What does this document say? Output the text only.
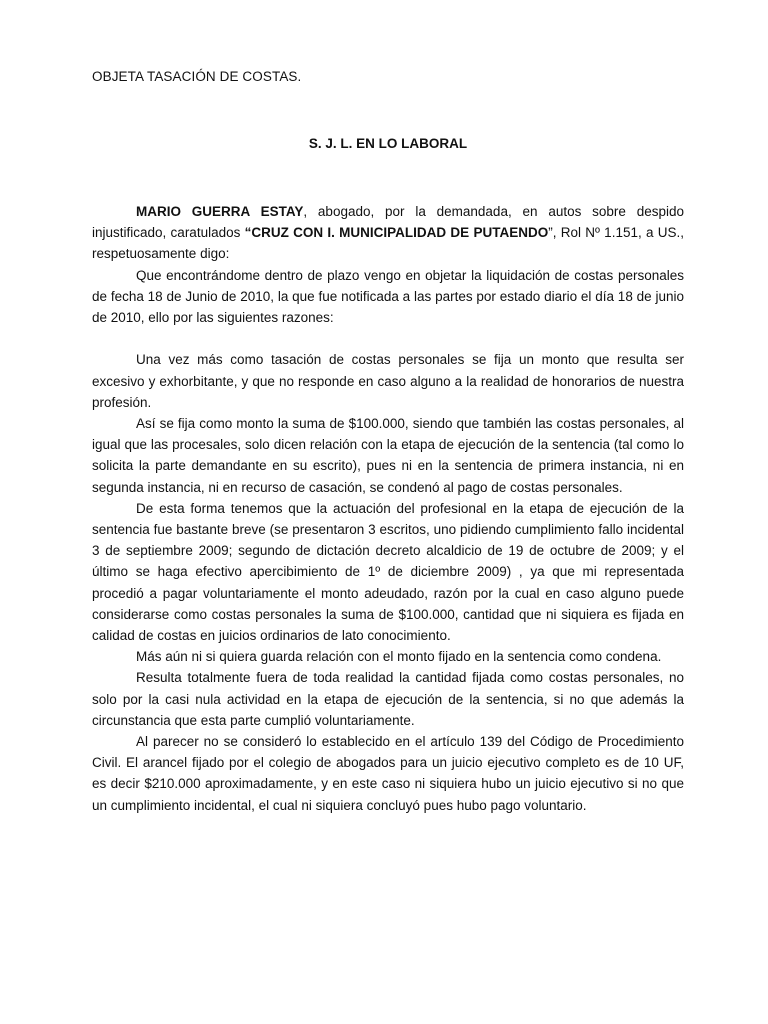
OBJETA TASACIÓN DE COSTAS.

S. J. L. EN LO LABORAL

MARIO GUERRA ESTAY, abogado, por la demandada, en autos sobre despido injustificado, caratulados “CRUZ CON I. MUNICIPALIDAD DE PUTAENDO”, Rol Nº 1.151, a US., respetuosamente digo:

Que encontrándome dentro de plazo vengo en objetar la liquidación de costas personales de fecha 18 de Junio de 2010, la que fue notificada a las partes por estado diario el día 18 de junio de 2010, ello por las siguientes razones:

Una vez más como tasación de costas personales se fija un monto que resulta ser excesivo y exhorbitante, y que no responde en caso alguno a la realidad de honorarios de nuestra profesión.

Así se fija como monto la suma de $100.000, siendo que también las costas personales, al igual que las procesales, solo dicen relación con la etapa de ejecución de la sentencia (tal como lo solicita la parte demandante en su escrito), pues ni en la sentencia de primera instancia, ni en segunda instancia, ni en recurso de casación, se condenó al pago de costas personales.

De esta forma tenemos que la actuación del profesional en la etapa de ejecución de la sentencia fue bastante breve (se presentaron 3 escritos, uno pidiendo cumplimiento fallo incidental 3 de septiembre 2009; segundo de dictación decreto alcaldicio de 19 de octubre de 2009; y el último se haga efectivo apercibimiento de 1º de diciembre 2009) , ya que mi representada procedió a pagar voluntariamente el monto adeudado, razón por la cual en caso alguno puede considerarse como costas personales la suma de $100.000, cantidad que ni siquiera es fijada en calidad de costas en juicios ordinarios de lato conocimiento.

Más aún ni si quiera guarda relación con el monto fijado en la sentencia como condena.

Resulta totalmente fuera de toda realidad la cantidad fijada como costas personales, no solo por la casi nula actividad en la etapa de ejecución de la sentencia, si no que además la circunstancia que esta parte cumplió voluntariamente.

Al parecer no se consideró lo establecido en el artículo 139 del Código de Procedimiento Civil. El arancel fijado por el colegio de abogados para un juicio ejecutivo completo es de 10 UF, es decir $210.000 aproximadamente, y en este caso ni siquiera hubo un juicio ejecutivo si no que un cumplimiento incidental, el cual ni siquiera concluyó pues hubo pago voluntario.
